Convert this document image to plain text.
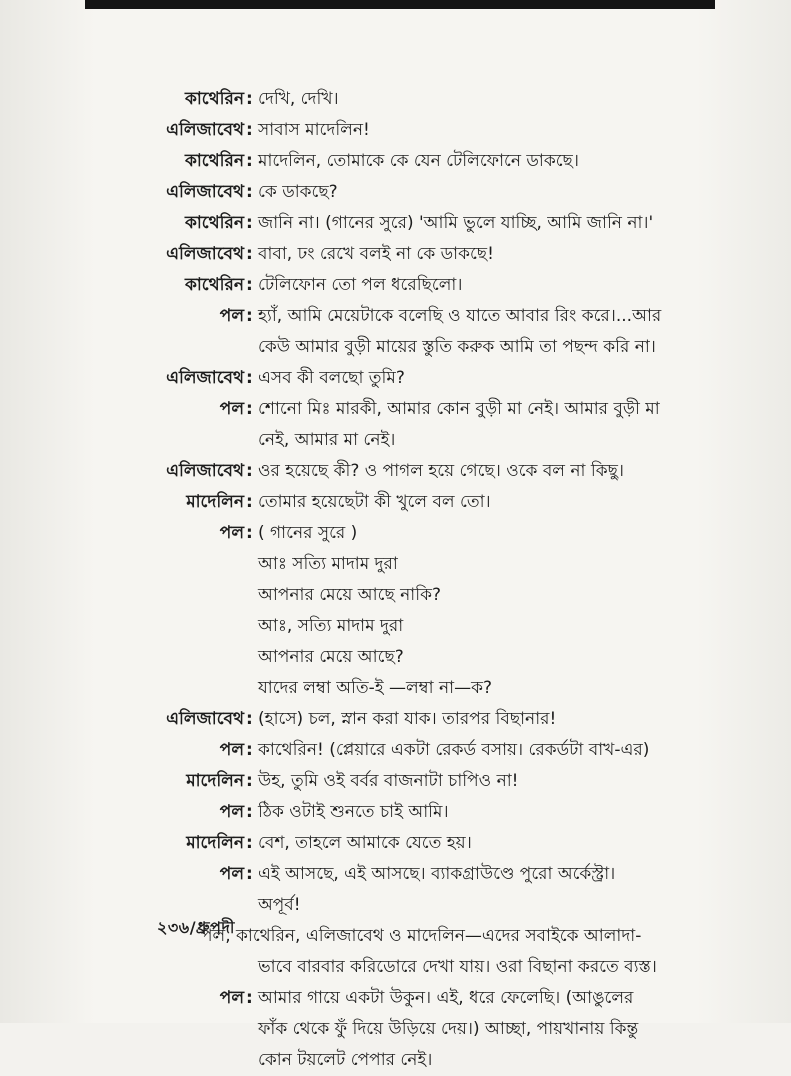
কাথেরিন : দেখি, দেখি।
এলিজাবেথ : সাবাস মাদেলিন!
কাথেরিন : মাদেলিন, তোমাকে কে যেন টেলিফোনে ডাকছে।
এলিজাবেথ : কে ডাকছে?
কাথেরিন : জানি না। (গানের সুরে) 'আমি ভুলে যাচ্ছি, আমি জানি না।'
এলিজাবেথ : বাবা, ঢং রেখে বলই না কে ডাকছে!
কাথেরিন : টেলিফোন তো পল ধরেছিলো।
পল : হ্যাঁ, আমি মেয়েটাকে বলেছি ও যাতে আবার রিং করে।...আর
কেউ আমার বুড়ী মায়ের স্তুতি করুক আমি তা পছন্দ করি না।
এলিজাবেথ : এসব কী বলছো তুমি?
পল : শোনো মিঃ মারকী, আমার কোন বুড়ী মা নেই। আমার বুড়ী মা
নেই, আমার মা নেই।
এলিজাবেথ : ওর হয়েছে কী? ও পাগল হয়ে গেছে। ওকে বল না কিছু।
মাদেলিন : তোমার হয়েছেটা কী খুলে বল তো।
পল : ( গানের সুরে )
আঃ সত্যি মাদাম দুরা
আপনার মেয়ে আছে নাকি?
আঃ, সত্যি মাদাম দুরা
আপনার মেয়ে আছে?
যাদের লম্বা অতি-ই —লম্বা না—ক?
এলিজাবেথ : (হাসে) চল, স্নান করা যাক। তারপর বিছানার!
পল : কাথেরিন! (প্লেয়ারে একটা রেকর্ড বসায়। রেকর্ডটা বাখ-এর)
মাদেলিন : উহ, তুমি ওই বর্বর বাজনাটা চাপিও না!
পল : ঠিক ওটাই শুনতে চাই আমি।
মাদেলিন : বেশ, তাহলে আমাকে যেতে হয়।
পল : এই আসছে, এই আসছে। ব্যাকগ্রাউণ্ডে পুরো অর্কেস্ট্রা।
অপূর্ব!
পল, কাথেরিন, এলিজাবেথ ও মাদেলিন—এদের সবাইকে আলাদা-
ভাবে বারবার করিডোরে দেখা যায়। ওরা বিছানা করতে ব্যস্ত।
পল : আমার গায়ে একটা উকুন। এই, ধরে ফেলেছি। (আঙুলের
ফাঁক থেকে ফুঁ দিয়ে উড়িয়ে দেয়।) আচ্ছা, পায়খানায় কিন্তু
কোন টয়লেট পেপার নেই।
২৩৬/ধ্রুপদী
